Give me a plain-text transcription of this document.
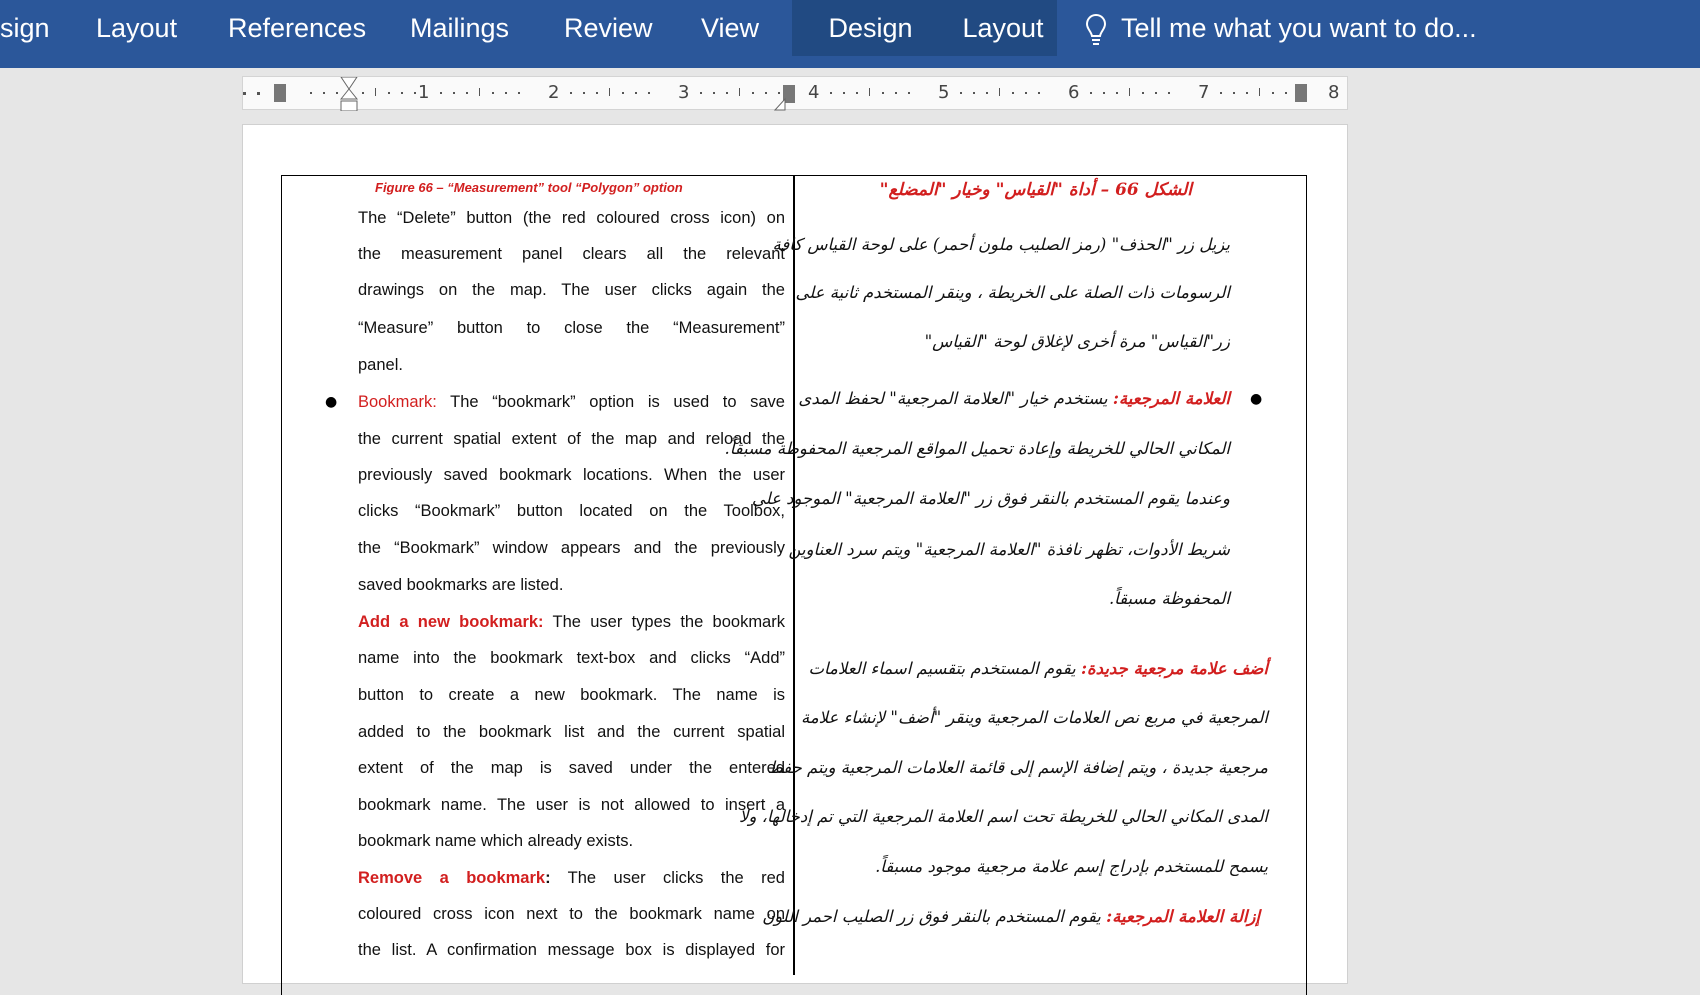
sign Layout References Mailings Review View	Design	Layout	Tell me what you want to do...
1	2	3	4	5	6	7	8
Figure 66 – “Measurement” tool “Polygon” option
The “Delete” button (the red coloured cross icon) on
the measurement panel clears all the relevant
drawings on the map. The user clicks again the
“Measure” button to close the “Measurement”
panel.
● Bookmark: The “bookmark” option is used to save
the current spatial extent of the map and reload the
previously saved bookmark locations. When the user
clicks “Bookmark” button located on the Toolbox,
the “Bookmark” window appears and the previously
saved bookmarks are listed.
Add a new bookmark: The user types the bookmark
name into the bookmark text-box and clicks “Add”
button to create a new bookmark. The name is
added to the bookmark list and the current spatial
extent of the map is saved under the entered
bookmark name. The user is not allowed to insert a
bookmark name which already exists.
Remove a bookmark: The user clicks the red
coloured cross icon next to the bookmark name on
the list. A confirmation message box is displayed for
الشكل 66 – أداة "القياس" وخيار "المضلع"
يزيل زر "الحذف" (رمز الصليب ملون أحمر) على لوحة القياس كافة
الرسومات ذات الصلة على الخريطة ، وينقر المستخدم ثانية على
زر"القياس" مرة أخرى لإغلاق لوحة "القياس"
●
العلامة المرجعية: يستخدم خيار "العلامة المرجعية" لحفظ المدى
المكاني الحالي للخريطة وإعادة تحميل المواقع المرجعية المحفوظة مسبقاً.
وعندما يقوم المستخدم بالنقر فوق زر "العلامة المرجعية" الموجود على
شريط الأدوات، تظهر نافذة "العلامة المرجعية" ويتم سرد العناوين
المحفوظة مسبقاً.
أضف علامة مرجعية جديدة: يقوم المستخدم بتقسيم اسماء العلامات
المرجعية في مربع نص العلامات المرجعية وينقر "أضف" لإنشاء علامة
مرجعية جديدة ، ويتم إضافة الإسم إلى قائمة العلامات المرجعية ويتم حفظ
المدى المكاني الحالي للخريطة تحت اسم العلامة المرجعية التي تم إدخالها، ولا
يسمح للمستخدم بإدراج إسم علامة مرجعية موجود مسبقاً.
إزالة العلامة المرجعية: يقوم المستخدم بالنقر فوق زر الصليب احمر اللون
